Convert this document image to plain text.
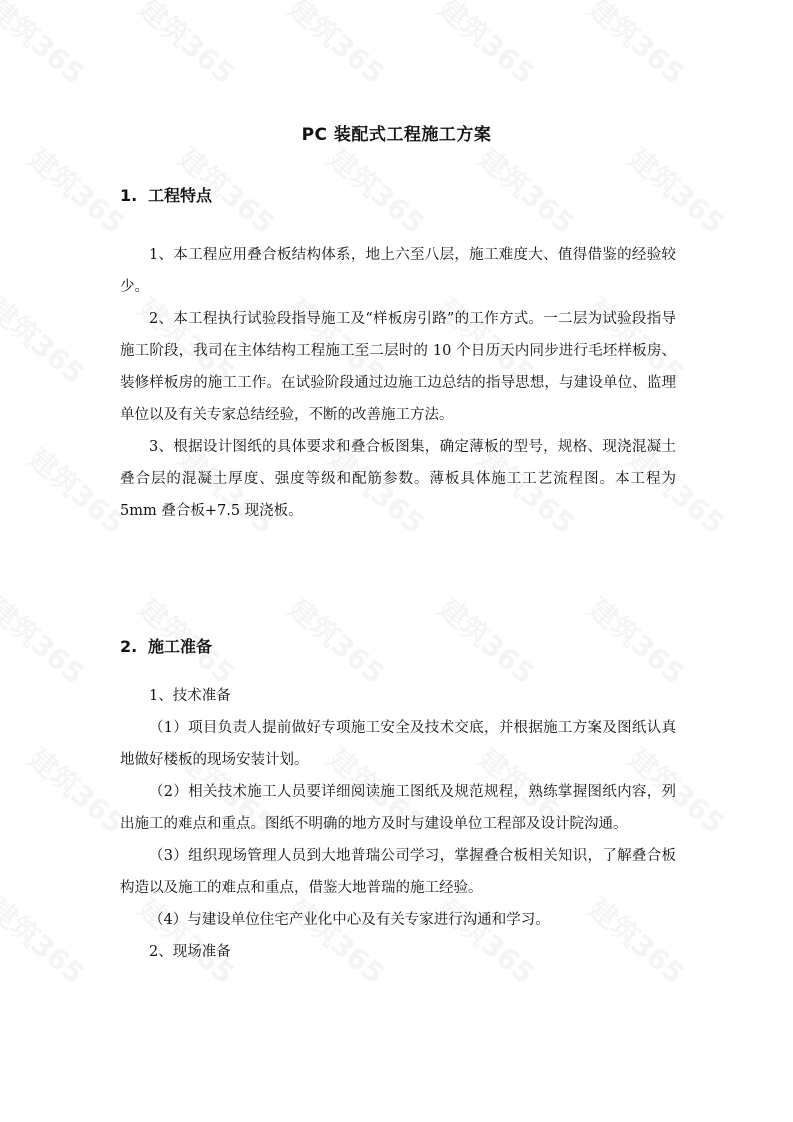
PC 装配式工程施工方案
1. 工程特点

1、本工程应用叠合板结构体系，地上六至八层，施工难度大、值得借鉴的经验较少。

2、本工程执行试验段指导施工及“样板房引路”的工作方式。一二层为试验段指导施工阶段，我司在主体结构工程施工至二层时的 10 个日历天内同步进行毛坯样板房、装修样板房的施工工作。在试验阶段通过边施工边总结的指导思想，与建设单位、监理单位以及有关专家总结经验，不断的改善施工方法。

3、根据设计图纸的具体要求和叠合板图集，确定薄板的型号，规格、现浇混凝土叠合层的混凝土厚度、强度等级和配筋参数。薄板具体施工工艺流程图。本工程为 5mm 叠合板+7.5 现浇板。

2. 施工准备

1、技术准备

（1）项目负责人提前做好专项施工安全及技术交底，并根据施工方案及图纸认真地做好楼板的现场安装计划。

（2）相关技术施工人员要详细阅读施工图纸及规范规程，熟练掌握图纸内容，列出施工的难点和重点。图纸不明确的地方及时与建设单位工程部及设计院沟通。

（3）组织现场管理人员到大地普瑞公司学习，掌握叠合板相关知识，了解叠合板构造以及施工的难点和重点，借鉴大地普瑞的施工经验。

（4）与建设单位住宅产业化中心及有关专家进行沟通和学习。

2、现场准备
